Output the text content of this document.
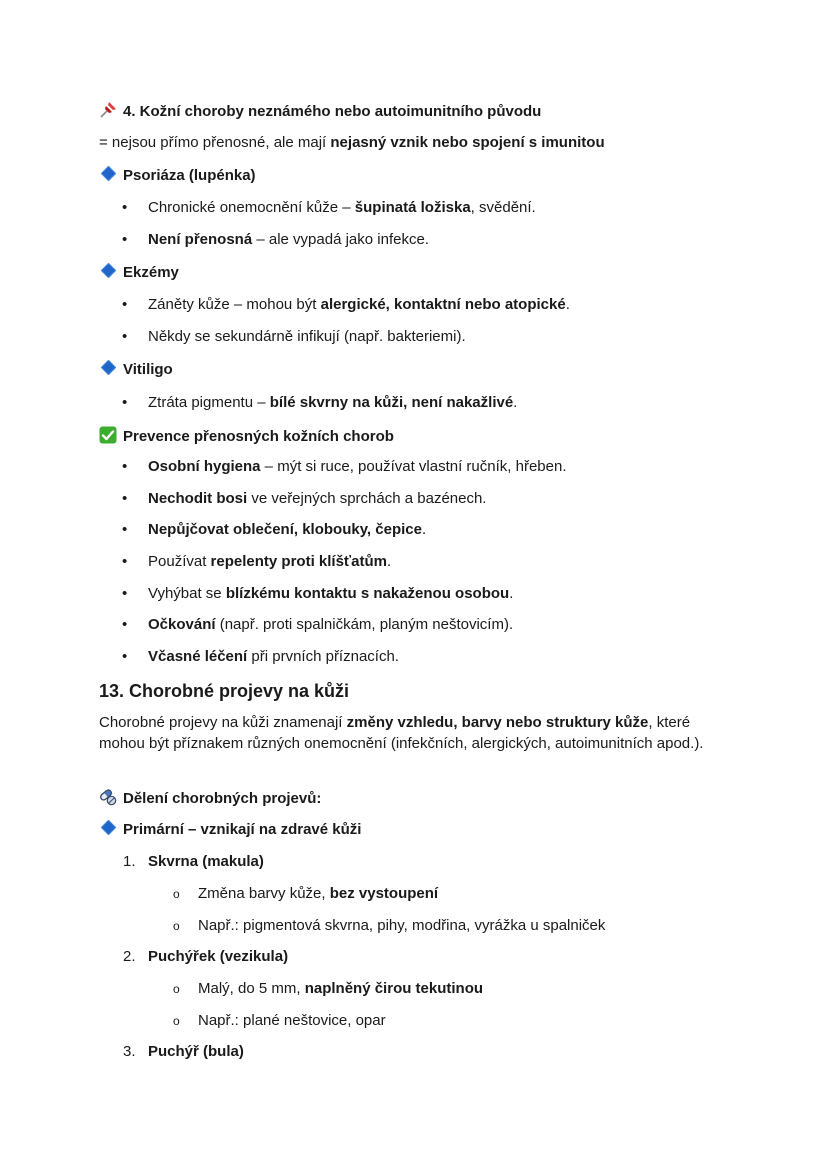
4. Kožní choroby neznámého nebo autoimunitního původu
= nejsou přímo přenosné, ale mají nejasný vznik nebo spojení s imunitou
Psoriáza (lupénka)
• Chronické onemocnění kůže – šupinatá ložiska, svědění.
• Není přenosná – ale vypadá jako infekce.
Ekzémy
• Záněty kůže – mohou být alergické, kontaktní nebo atopické.
• Někdy se sekundárně infikují (např. bakteriemi).
Vitiligo
• Ztráta pigmentu – bílé skvrny na kůži, není nakažlivé.
Prevence přenosných kožních chorob
• Osobní hygiena – mýt si ruce, používat vlastní ručník, hřeben.
• Nechodit bosi ve veřejných sprchách a bazénech.
• Nepůjčovat oblečení, klobouky, čepice.
• Používat repelenty proti klíšťatům.
• Vyhýbat se blízkému kontaktu s nakaženou osobou.
• Očkování (např. proti spalničkám, planým neštovicím).
• Včasné léčení při prvních příznacích.
13. Chorobné projevy na kůži
Chorobné projevy na kůži znamenají změny vzhledu, barvy nebo struktury kůže, které mohou být příznakem různých onemocnění (infekčních, alergických, autoimunitních apod.).
Dělení chorobných projevů:
Primární – vznikají na zdravé kůži
1. Skvrna (makula)
o Změna barvy kůže, bez vystoupení
o Např.: pigmentová skvrna, pihy, modřina, vyrážka u spalniček
2. Puchýřek (vezikula)
o Malý, do 5 mm, naplněný čirou tekutinou
o Např.: plané neštovice, opar
3. Puchýř (bula)
